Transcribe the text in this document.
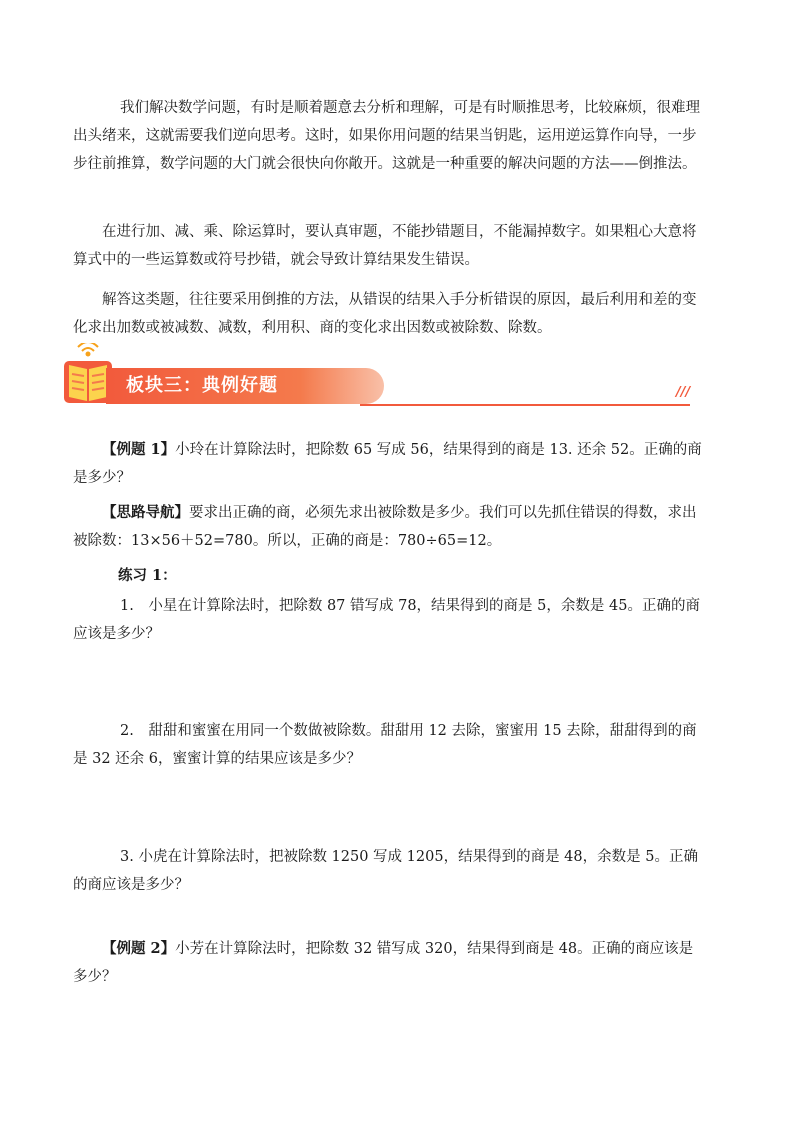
我们解决数学问题，有时是顺着题意去分析和理解，可是有时顺推思考，比较麻烦，很难理出头绪来，这就需要我们逆向思考。这时，如果你用问题的结果当钥匙，运用逆运算作向导，一步步往前推算，数学问题的大门就会很快向你敞开。这就是一种重要的解决问题的方法——倒推法。

在进行加、减、乘、除运算时，要认真审题，不能抄错题目，不能漏掉数字。如果粗心大意将算式中的一些运算数或符号抄错，就会导致计算结果发生错误。

解答这类题，往往要采用倒推的方法，从错误的结果入手分析错误的原因，最后利用和差的变化求出加数或被减数、减数，利用积、商的变化求出因数或被除数、除数。

板块三：典例好题	///

【例题 1】小玲在计算除法时，把除数 65 写成 56，结果得到的商是 13. 还余 52。正确的商是多少？

【思路导航】要求出正确的商，必须先求出被除数是多少。我们可以先抓住错误的得数，求出被除数：13×56＋52=780。所以，正确的商是：780÷65=12。

练习 1：

1.　小星在计算除法时，把除数 87 错写成 78，结果得到的商是 5，余数是 45。正确的商应该是多少？

2.　甜甜和蜜蜜在用同一个数做被除数。甜甜用 12 去除，蜜蜜用 15 去除，甜甜得到的商是 32 还余 6，蜜蜜计算的结果应该是多少？

3. 小虎在计算除法时，把被除数 1250 写成 1205，结果得到的商是 48，余数是 5。正确的商应该是多少？

【例题 2】小芳在计算除法时，把除数 32 错写成 320，结果得到商是 48。正确的商应该是多少？
